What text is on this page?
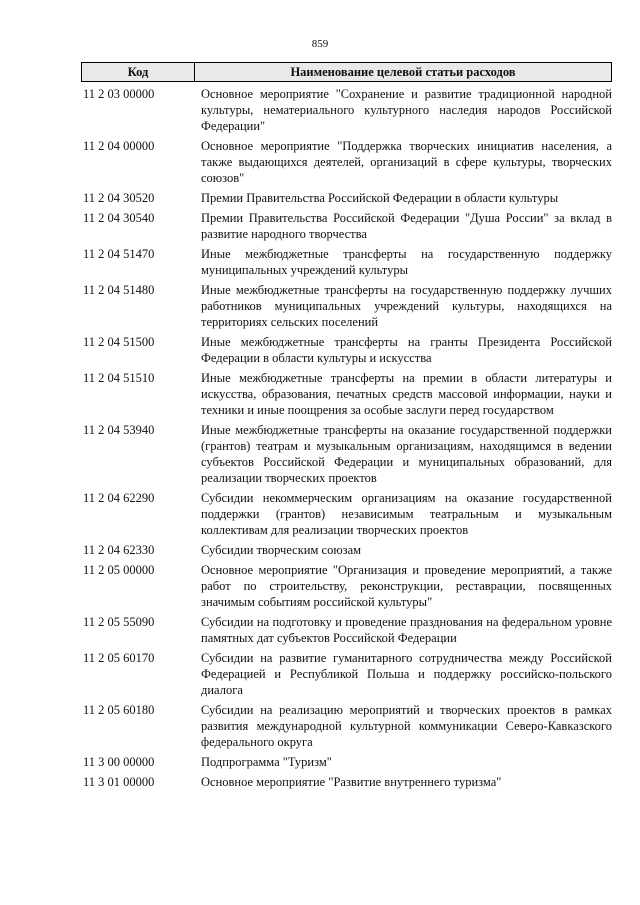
859
Код	Наименование целевой статьи расходов
11 2 03 00000	Основное мероприятие "Сохранение и развитие традиционной народной культуры, нематериального культурного наследия народов Российской Федерации"
11 2 04 00000	Основное мероприятие "Поддержка творческих инициатив населения, а также выдающихся деятелей, организаций в сфере культуры, творческих союзов"
11 2 04 30520	Премии Правительства Российской Федерации в области культуры
11 2 04 30540	Премии Правительства Российской Федерации "Душа России" за вклад в развитие народного творчества
11 2 04 51470	Иные межбюджетные трансферты на государственную поддержку муниципальных учреждений культуры
11 2 04 51480	Иные межбюджетные трансферты на государственную поддержку лучших работников муниципальных учреждений культуры, находящихся на территориях сельских поселений
11 2 04 51500	Иные межбюджетные трансферты на гранты Президента Российской Федерации в области культуры и искусства
11 2 04 51510	Иные межбюджетные трансферты на премии в области литературы и искусства, образования, печатных средств массовой информации, науки и техники и иные поощрения за особые заслуги перед государством
11 2 04 53940	Иные межбюджетные трансферты на оказание государственной поддержки (грантов) театрам и музыкальным организациям, находящимся в ведении субъектов Российской Федерации и муниципальных образований, для реализации творческих проектов
11 2 04 62290	Субсидии некоммерческим организациям на оказание государственной поддержки (грантов) независимым театральным и музыкальным коллективам для реализации творческих проектов
11 2 04 62330	Субсидии творческим союзам
11 2 05 00000	Основное мероприятие "Организация и проведение мероприятий, а также работ по строительству, реконструкции, реставрации, посвященных значимым событиям российской культуры"
11 2 05 55090	Субсидии на подготовку и проведение празднования на федеральном уровне памятных дат субъектов Российской Федерации
11 2 05 60170	Субсидии на развитие гуманитарного сотрудничества между Российской Федерацией и Республикой Польша и поддержку российско-польского диалога
11 2 05 60180	Субсидии на реализацию мероприятий и творческих проектов в рамках развития международной культурной коммуникации Северо-Кавказского федерального округа
11 3 00 00000	Подпрограмма "Туризм"
11 3 01 00000	Основное мероприятие "Развитие внутреннего туризма"
